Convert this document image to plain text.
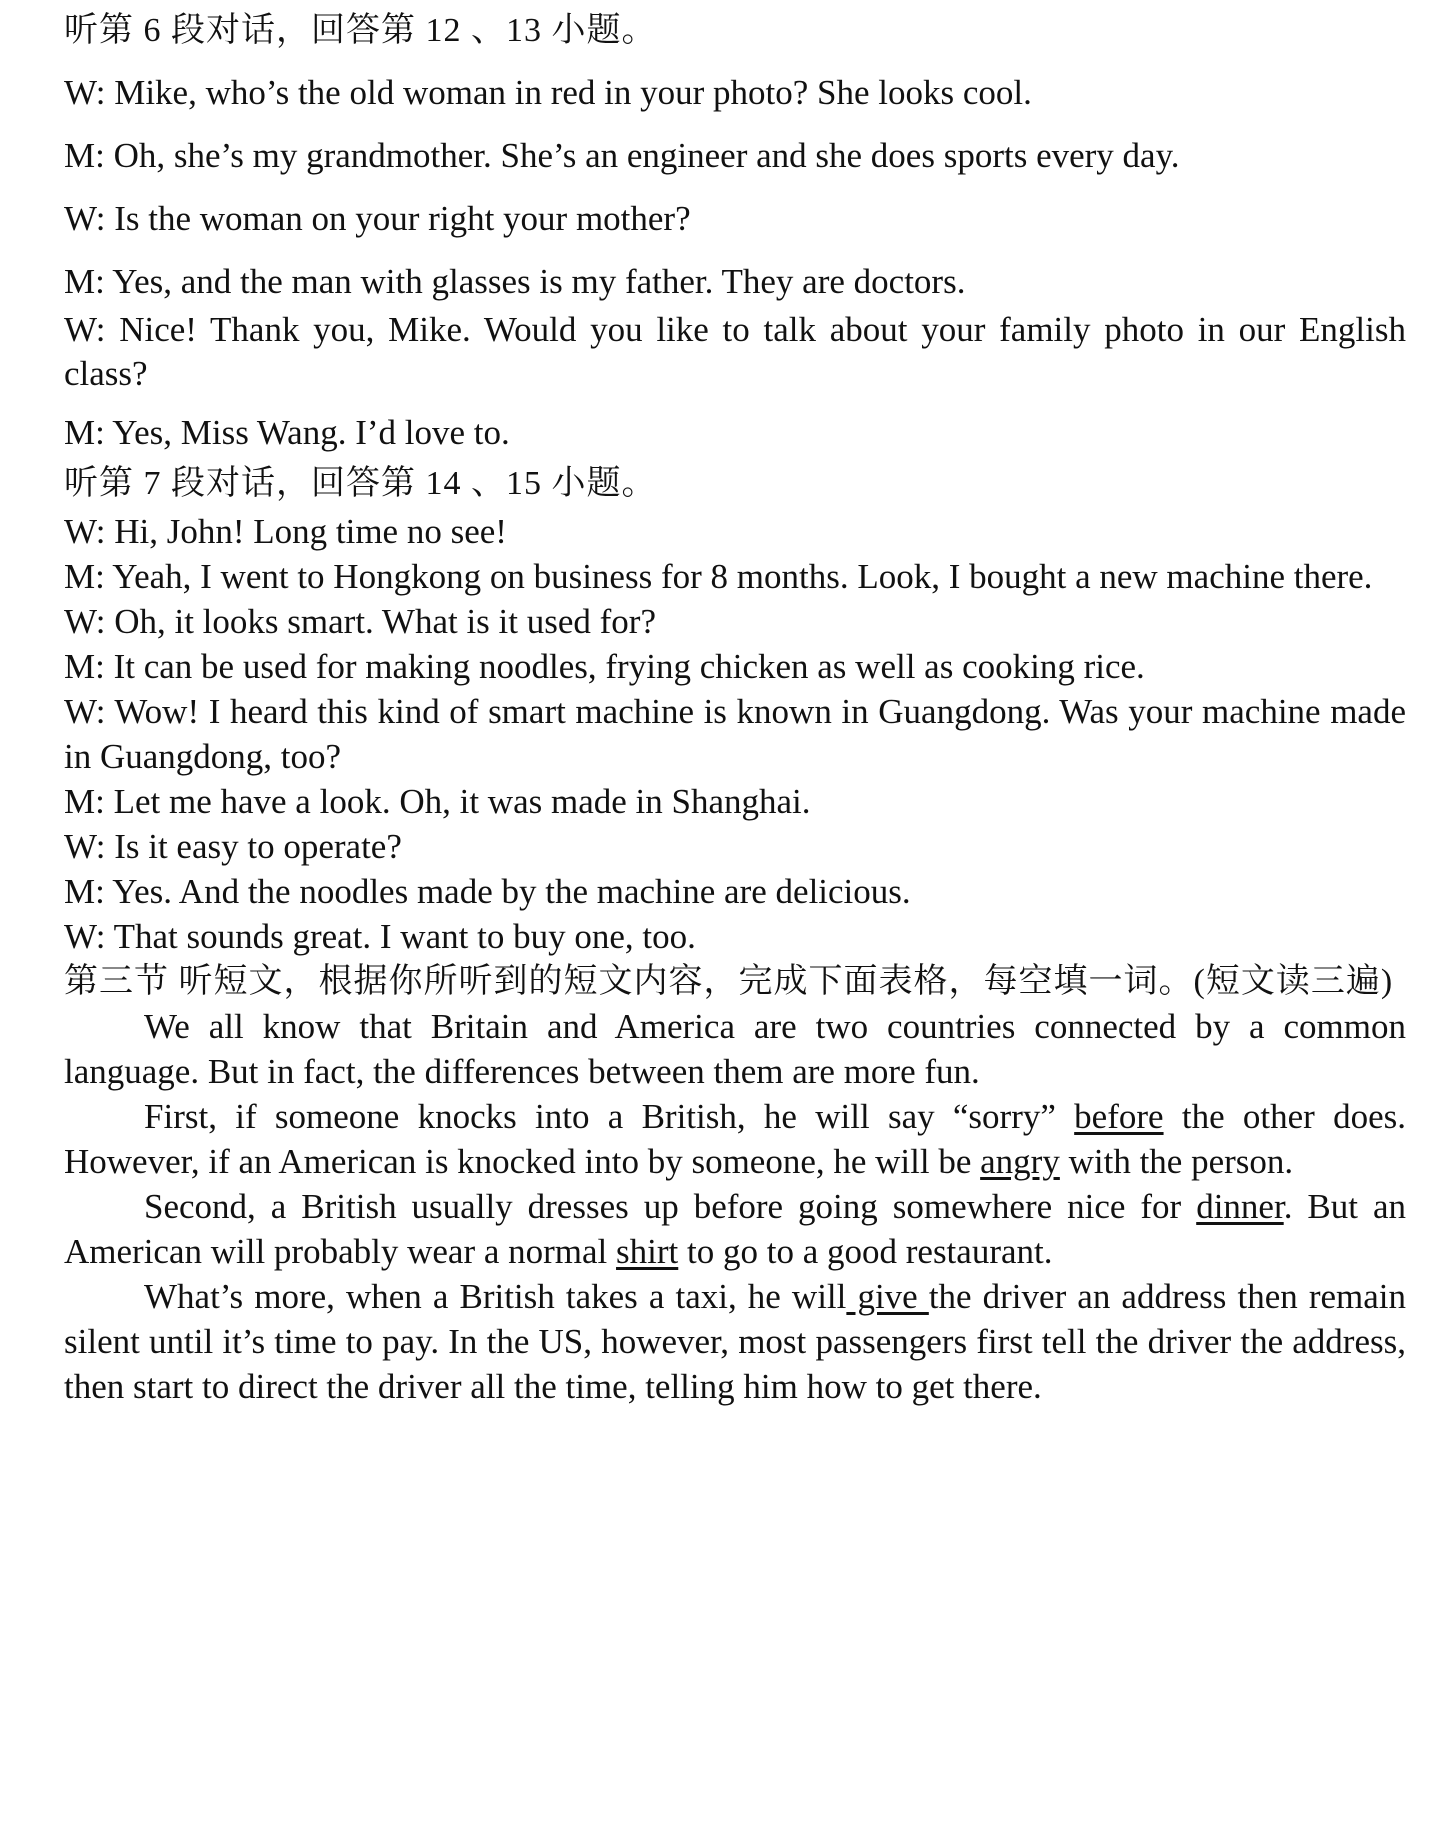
听第 6 段对话，回答第 12 、13 小题。

W: Mike, who’s the old woman in red in your photo? She looks cool.

M: Oh, she’s my grandmother. She’s an engineer and she does sports every day.

W: Is the woman on your right your mother?

M: Yes, and the man with glasses is my father. They are doctors.

W: Nice! Thank you, Mike. Would you like to talk about your family photo in our English class?

M: Yes, Miss Wang. I’d love to.

听第 7 段对话，回答第 14 、15 小题。

W: Hi, John! Long time no see!

M: Yeah, I went to Hongkong on business for 8 months. Look, I bought a new machine there.

W: Oh, it looks smart. What is it used for?

M: It can be used for making noodles, frying chicken as well as cooking rice.

W: Wow! I heard this kind of smart machine is known in Guangdong. Was your machine made in Guangdong, too?

M: Let me have a look. Oh, it was made in Shanghai.

W: Is it easy to operate?

M: Yes. And the noodles made by the machine are delicious.

W: That sounds great. I want to buy one, too.

第三节 听短文，根据你所听到的短文内容，完成下面表格，每空填一词。(短文读三遍)

We all know that Britain and America are two countries connected by a common language. But in fact, the differences between them are more fun.

First, if someone knocks into a British, he will say “sorry” before the other does. However, if an American is knocked into by someone, he will be angry with the person.

Second, a British usually dresses up before going somewhere nice for dinner. But an American will probably wear a normal shirt to go to a good restaurant.

What’s more, when a British takes a taxi, he will give the driver an address then remain silent until it’s time to pay. In the US, however, most passengers first tell the driver the address, then start to direct the driver all the time, telling him how to get there.
